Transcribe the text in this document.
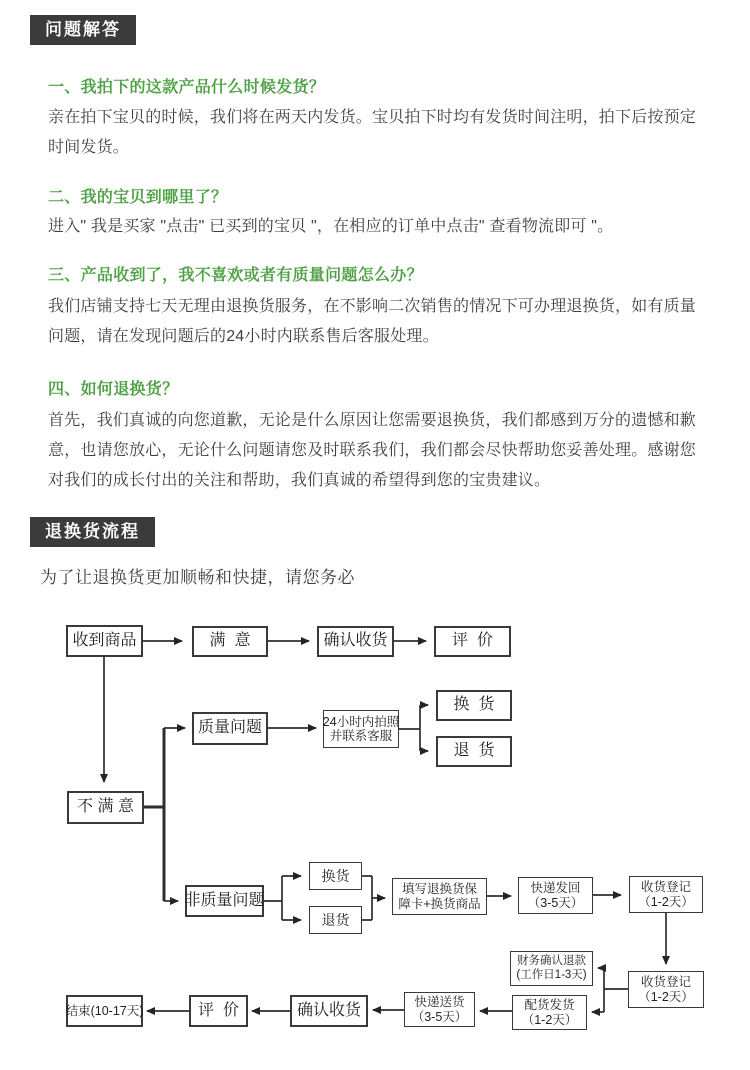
问题解答
一、我拍下的这款产品什么时候发货？
亲在拍下宝贝的时候，我们将在两天内发货。宝贝拍下时均有发货时间注明，拍下后按预定时间发货。
二、我的宝贝到哪里了？
进入" 我是买家 "点击" 已买到的宝贝 "，在相应的订单中点击" 查看物流即可 "。
三、产品收到了，我不喜欢或者有质量问题怎么办？
我们店铺支持七天无理由退换货服务，在不影响二次销售的情况下可办理退换货，如有质量问题，请在发现问题后的24小时内联系售后客服处理。
四、如何退换货？
首先，我们真诚的向您道歉，无论是什么原因让您需要退换货，我们都感到万分的遗憾和歉意，也请您放心，无论什么问题请您及时联系我们，我们都会尽快帮助您妥善处理。感谢您对我们的成长付出的关注和帮助，我们真诚的希望得到您的宝贵建议。
退换货流程
为了让退换货更加顺畅和快捷，请您务必
收到商品	满  意	确认收货	评  价
质量问题	24小时内拍照
并联系客服
换  货
退  货
不 满 意
非质量问题
换货
退货
填写退换货保
障卡+换货商品
快递发回
（3-5天）
收货登记
（1-2天）
收货登记
（1-2天）
财务确认退款
(工作日1-3天)
配货发货
（1-2天）
快递送货
（3-5天）
确认收货
评  价
结束(10-17天)
